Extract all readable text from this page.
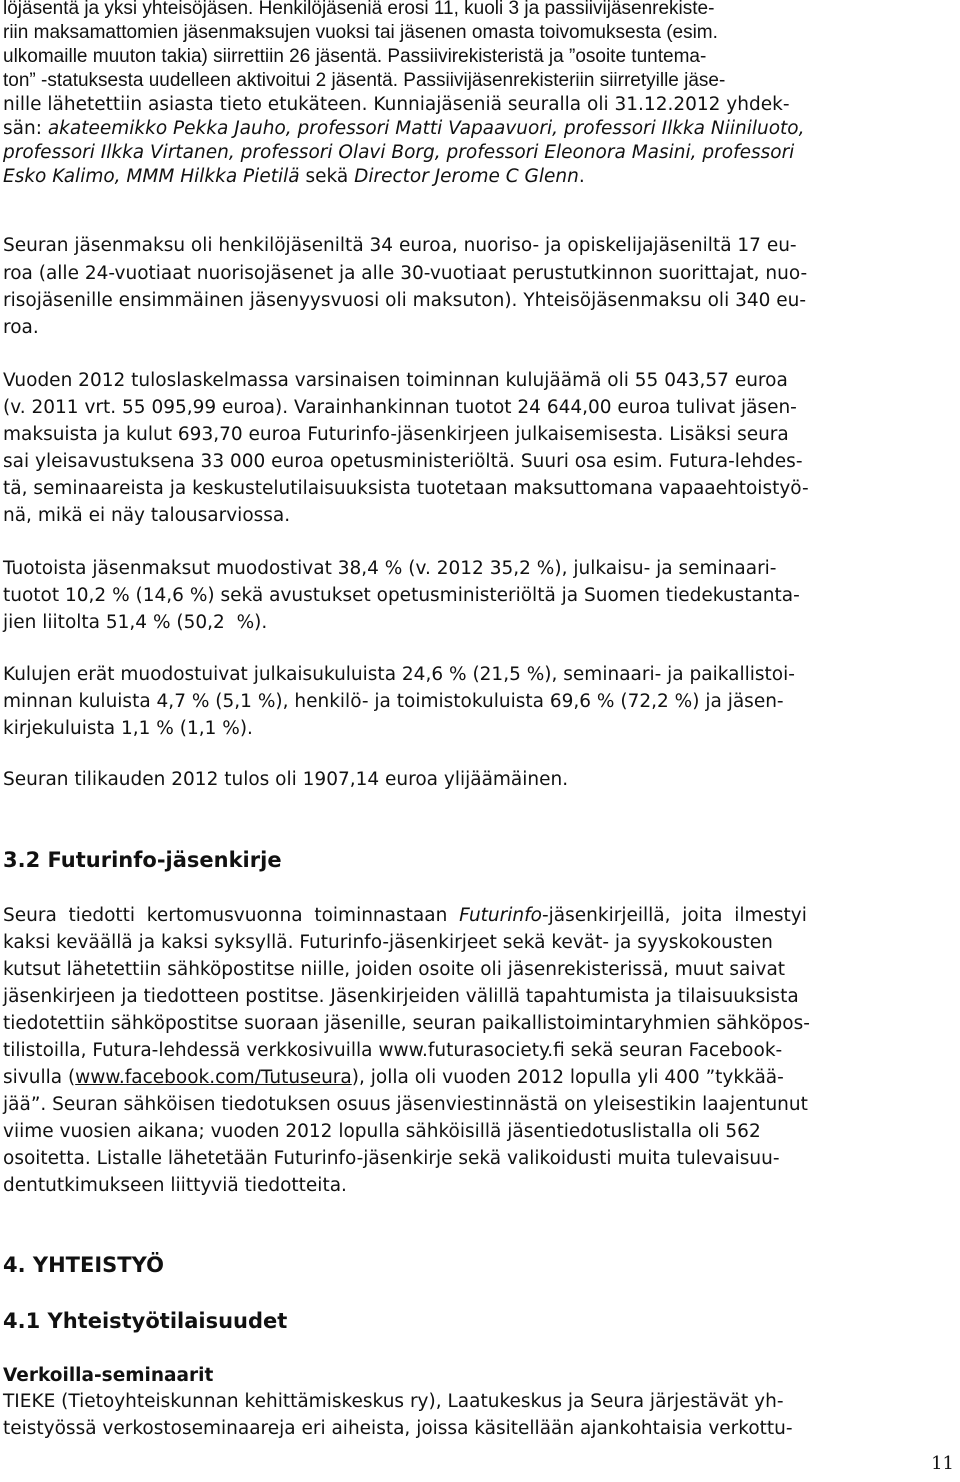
löjäsentä ja yksi yhteisöjäsen. Henkilöjäseniä erosi 11, kuoli 3 ja passiivijäsenrekiste-
riin maksamattomien jäsenmaksujen vuoksi tai jäsenen omasta toivomuksesta (esim.
ulkomaille muuton takia) siirrettiin 26 jäsentä. Passiivirekisteristä ja ”osoite tuntema-
ton” -statuksesta uudelleen aktivoitui 2 jäsentä. Passiivijäsenrekisteriin siirretyille jäse-
nille lähetettiin asiasta tieto etukäteen. Kunniajäseniä seuralla oli 31.12.2012 yhdek-
sän: akateemikko Pekka Jauho, professori Matti Vapaavuori, professori Ilkka Niiniluoto,
professori Ilkka Virtanen, professori Olavi Borg, professori Eleonora Masini, professori
Esko Kalimo, MMM Hilkka Pietilä sekä Director Jerome C Glenn.
Seuran jäsenmaksu oli henkilöjäseniltä 34 euroa, nuoriso- ja opiskelijajäseniltä 17 eu-
roa (alle 24-vuotiaat nuorisojäsenet ja alle 30-vuotiaat perustutkinnon suorittajat, nuo-
risojäsenille ensimmäinen jäsenyysvuosi oli maksuton). Yhteisöjäsenmaksu oli 340 eu-
roa.
Vuoden 2012 tuloslaskelmassa varsinaisen toiminnan kulujäämä oli 55 043,57 euroa
(v. 2011 vrt. 55 095,99 euroa). Varainhankinnan tuotot 24 644,00 euroa tulivat jäsen-
maksuista ja kulut 693,70 euroa Futurinfo-jäsenkirjeen julkaisemisesta. Lisäksi seura
sai yleisavustuksena 33 000 euroa opetusministeriöltä. Suuri osa esim. Futura-lehdes-
tä, seminaareista ja keskustelutilaisuuksista tuotetaan maksuttomana vapaaehtoistyö-
nä, mikä ei näy talousarviossa.
Tuotoista jäsenmaksut muodostivat 38,4 % (v. 2012 35,2 %), julkaisu- ja seminaari-
tuotot 10,2 % (14,6 %) sekä avustukset opetusministeriöltä ja Suomen tiedekustanta-
jien liitolta 51,4 % (50,2  %).
Kulujen erät muodostuivat julkaisukuluista 24,6 % (21,5 %), seminaari- ja paikallistoi-
minnan kuluista 4,7 % (5,1 %), henkilö- ja toimistokuluista 69,6 % (72,2 %) ja jäsen-
kirjekuluista 1,1 % (1,1 %).
Seuran tilikauden 2012 tulos oli 1907,14 euroa ylijäämäinen.
3.2 Futurinfo-jäsenkirje
Seura  tiedotti  kertomusvuonna  toiminnastaan  Futurinfo-jäsenkirjeillä,  joita  ilmestyi
kaksi keväällä ja kaksi syksyllä. Futurinfo-jäsenkirjeet sekä kevät- ja syyskokousten
kutsut lähetettiin sähköpostitse niille, joiden osoite oli jäsenrekisterissä, muut saivat
jäsenkirjeen ja tiedotteen postitse. Jäsenkirjeiden välillä tapahtumista ja tilaisuuksista
tiedotettiin sähköpostitse suoraan jäsenille, seuran paikallistoimintaryhmien sähköpos-
tilistoilla, Futura-lehdessä verkkosivuilla www.futurasociety.fi sekä seuran Facebook-
sivulla (www.facebook.com/Tutuseura), jolla oli vuoden 2012 lopulla yli 400 ”tykkää-
jää”. Seuran sähköisen tiedotuksen osuus jäsenviestinnästä on yleisestikin laajentunut
viime vuosien aikana; vuoden 2012 lopulla sähköisillä jäsentiedotuslistalla oli 562
osoitetta. Listalle lähetetään Futurinfo-jäsenkirje sekä valikoidusti muita tulevaisuu-
dentutkimukseen liittyviä tiedotteita.
4. YHTEISTYÖ
4.1 Yhteistyötilaisuudet
Verkoilla-seminaarit
TIEKE (Tietoyhteiskunnan kehittämiskeskus ry), Laatukeskus ja Seura järjestävät yh-
teistyössä verkostoseminaareja eri aiheista, joissa käsitellään ajankohtaisia verkottu-
11
